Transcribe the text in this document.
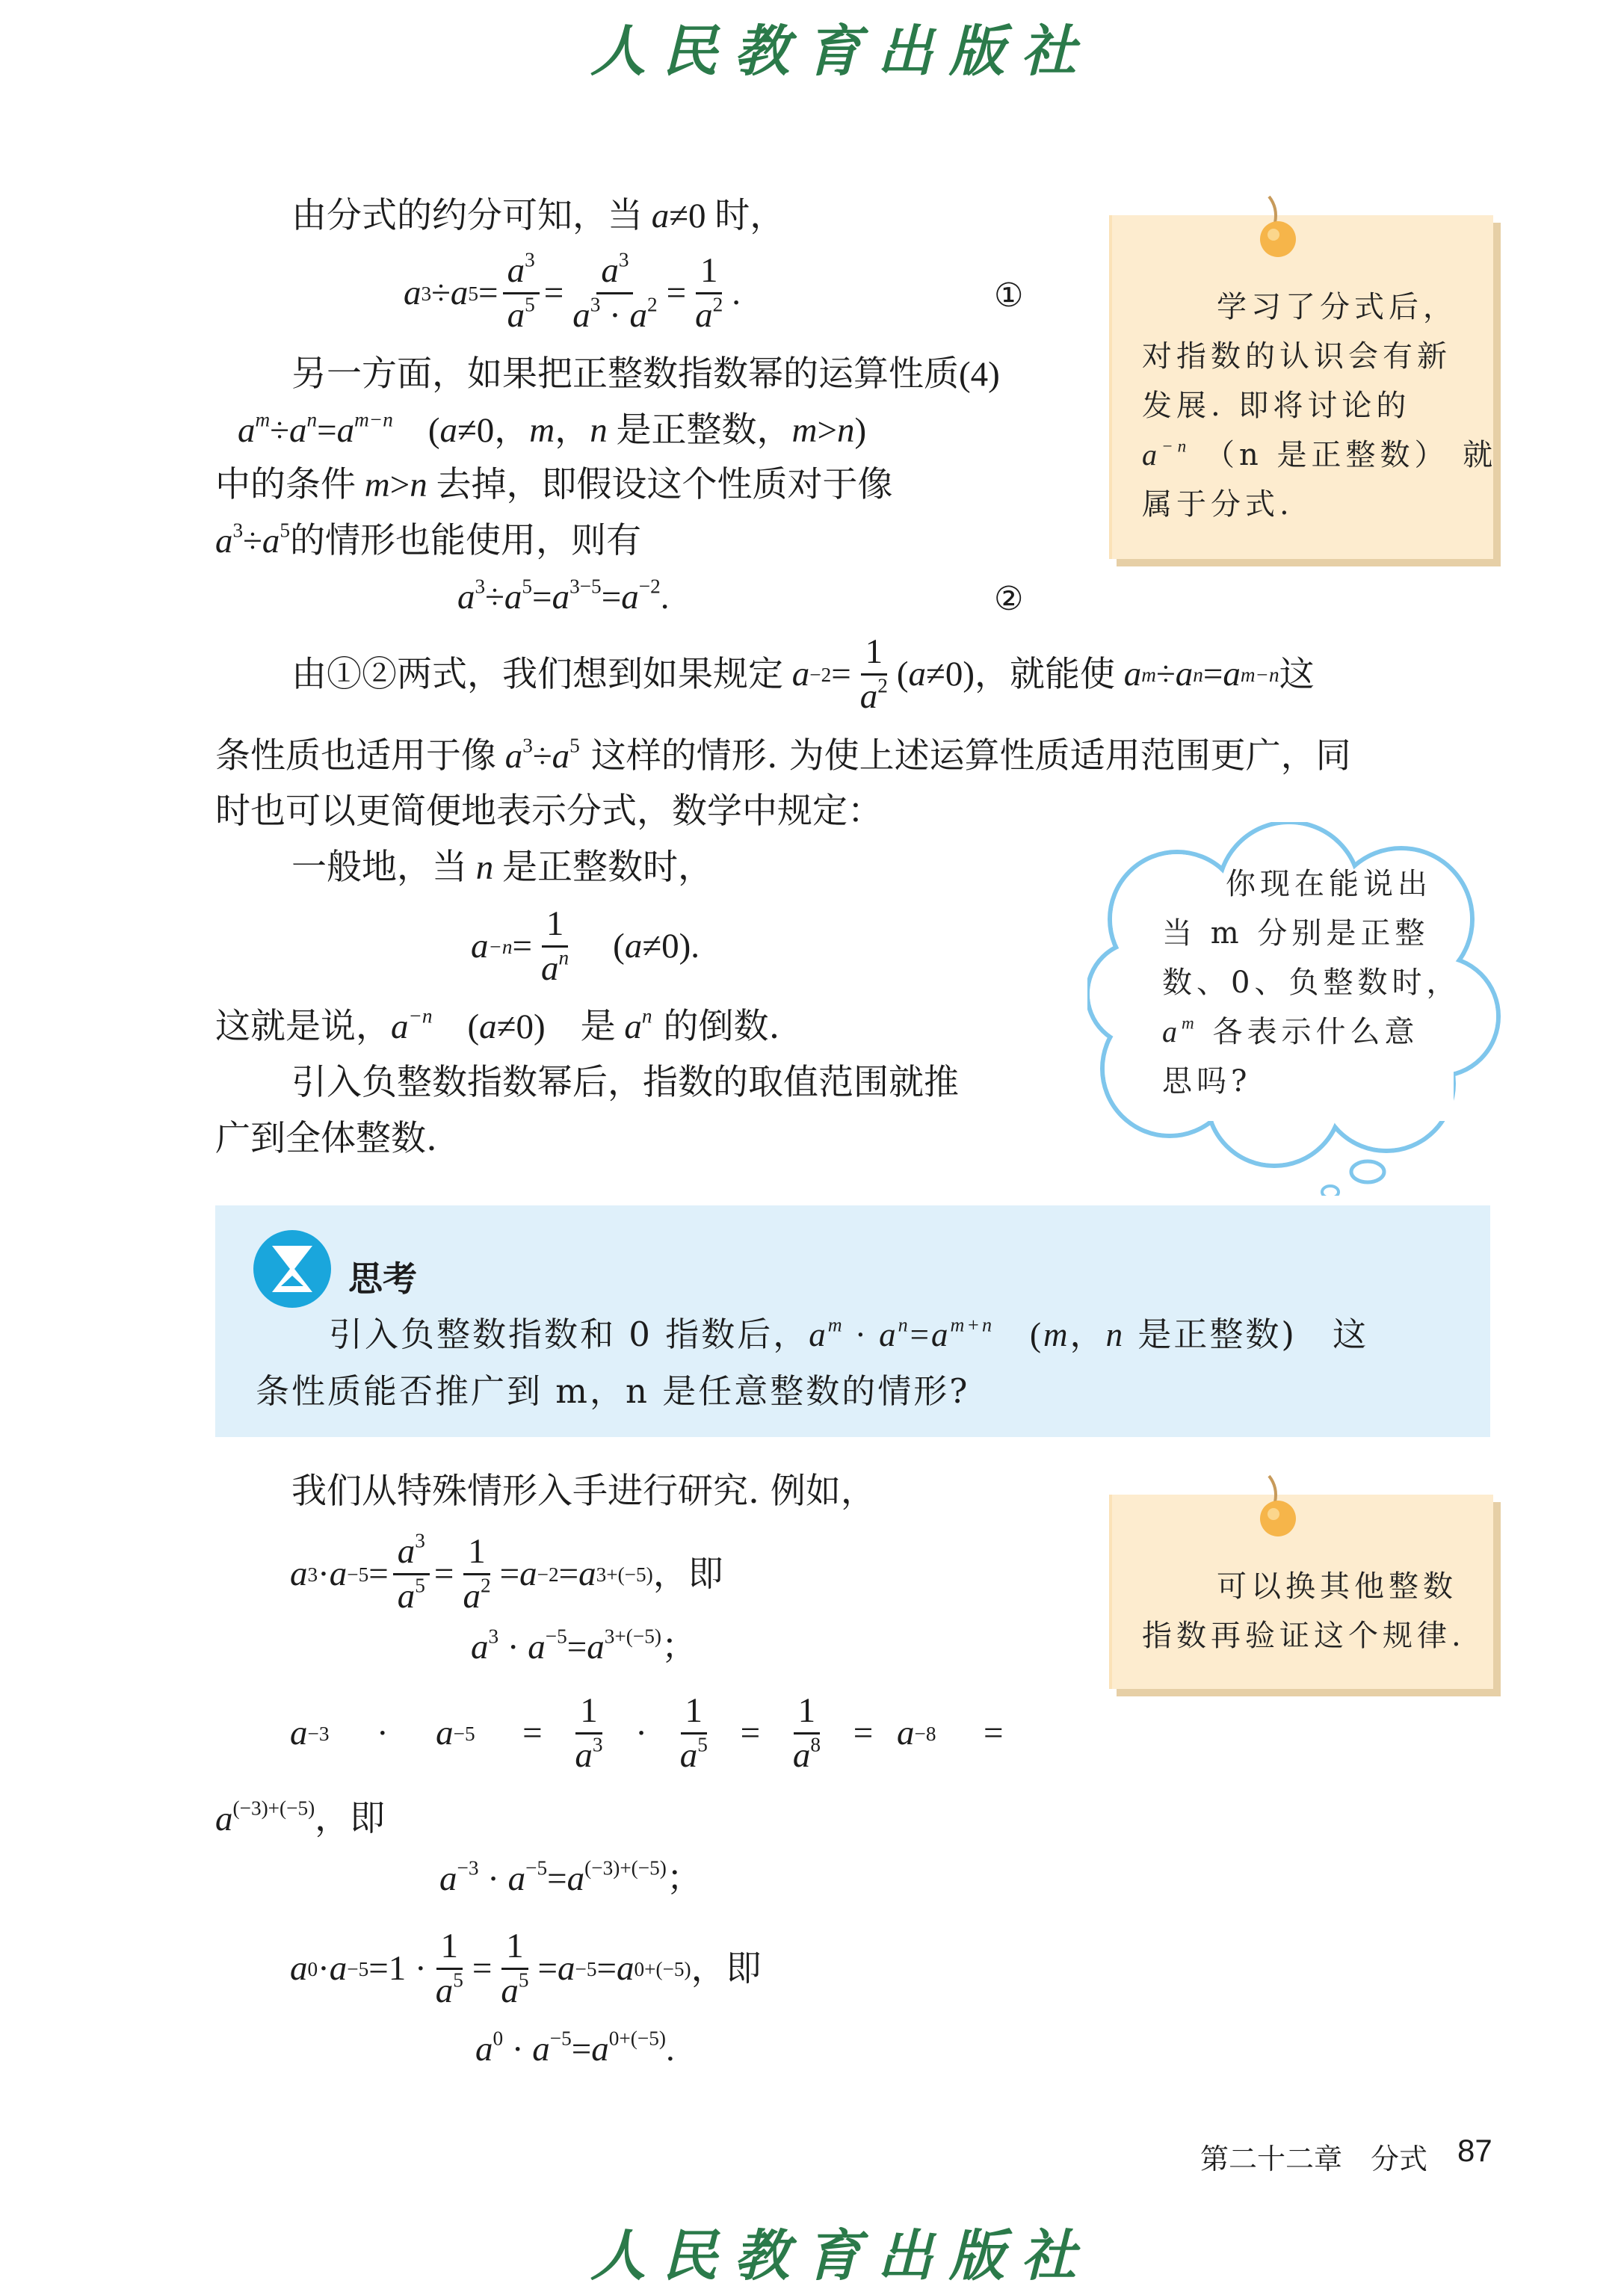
人民教育出版社
由分式的约分可知，当 a≠0 时，
a 3 ÷ a $5 = \frac{a^3}{a^5} = \frac{a^3}{a^3 \cdot a^2} = \frac{1}{a^2}$ .	①
另一方面，如果把正整数指数幂的运算性质(4)
$a^m\div a^n=a^{m-n}$　(a≠0，m，n 是正整数，m>n)
中的条件 m>n 去掉，即假设这个性质对于像
$a^3\div a^5$的情形也能使用，则有
$a^3\div a^5=a^{3-5}=a^{-2}$.	②
由①②两式，我们想到如果规定 $a -2 = \frac{1}{a^2}$ ( a ≠0) ，就能使 a m ÷ a n = a m−n 这
条性质也适用于像 $a^3\div a^5$ 这样的情形. 为使上述运算性质适用范围更广，同
时也可以更简便地表示分式，数学中规定：
一般地，当 n 是正整数时，
$a -n = \frac{1}{a^n}$ 　( a ≠0).
这就是说，$a^{-n}$　(a≠0)　是 $a^n$ 的倒数.
引入负整数指数幂后，指数的取值范围就推
广到全体整数.
学习了分式后，
对指数的认识会有新
发展. 即将讨论的
$a^{-n}$ （n 是正整数） 就
属于分式.
你现在能说出
当 m 分别是正整
数、0、负整数时，
$a^m$ 各表示什么意
思吗?
思考
引入负整数指数和 0 指数后，$a^m \cdot a^n=a^{m+n}$　(m，n 是正整数)　这
条性质能否推广到 m，n 是任意整数的情形?
我们从特殊情形入手进行研究. 例如，
a $3 \cdot a -5 = \frac{a^3}{a^5} = \frac{1}{a^2} = a -2 = a$ 3+(−5) ，即
$a^3 \cdot a^{-5}=a^{3+(-5)}$；
$a -3 \cdot a -5 = \frac{1}{a^3} \cdot \frac{1}{a^5} = \frac{1}{a^8} = a -8$ =
$a^{(-3)+(-5)}$，即
$a^{-3} \cdot a^{-5}=a^{(-3)+(-5)}$；
a $0 \cdot a -5 =1 \cdot \frac{1}{a^5} = \frac{1}{a^5} = a -5 = a$ 0+(−5) ，即
$a^0 \cdot a^{-5}=a^{0+(-5)}$.
可以换其他整数
指数再验证这个规律.
第二十二章　分式 87
人民教育出版社
